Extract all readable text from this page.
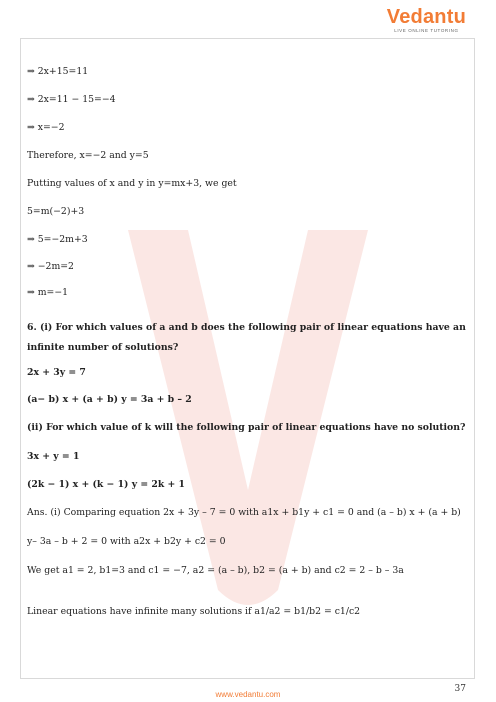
Vedantu
LIVE ONLINE TUTORING
⇒ 2x+15=11
⇒ 2x=11 − 15=−4
⇒ x=−2
Therefore, x=−2 and y=5
Putting values of x and y in y=mx+3, we get
5=m(−2)+3
⇒ 5=−2m+3
⇒ −2m=2
⇒ m=−1
6. (i) For which values of a and b does the following pair of linear equations have an
infinite number of solutions?
2x + 3y = 7
(a− b) x + (a + b) y = 3a + b – 2
(ii) For which value of k will the following pair of linear equations have no solution?
3x + y = 1
(2k − 1) x + (k − 1) y = 2k + 1
Ans. (i) Comparing equation 2x + 3y – 7 = 0 with a1x + b1y + c1 = 0 and (a – b) x + (a + b)
y– 3a – b + 2 = 0 with a2x + b2y + c2 = 0
We get a1 = 2, b1=3 and c1 = −7, a2 = (a – b), b2 = (a + b) and c2 = 2 – b – 3a
Linear equations have infinite many solutions if a1/a2 = b1/b2 = c1/c2
37
www.vedantu.com
